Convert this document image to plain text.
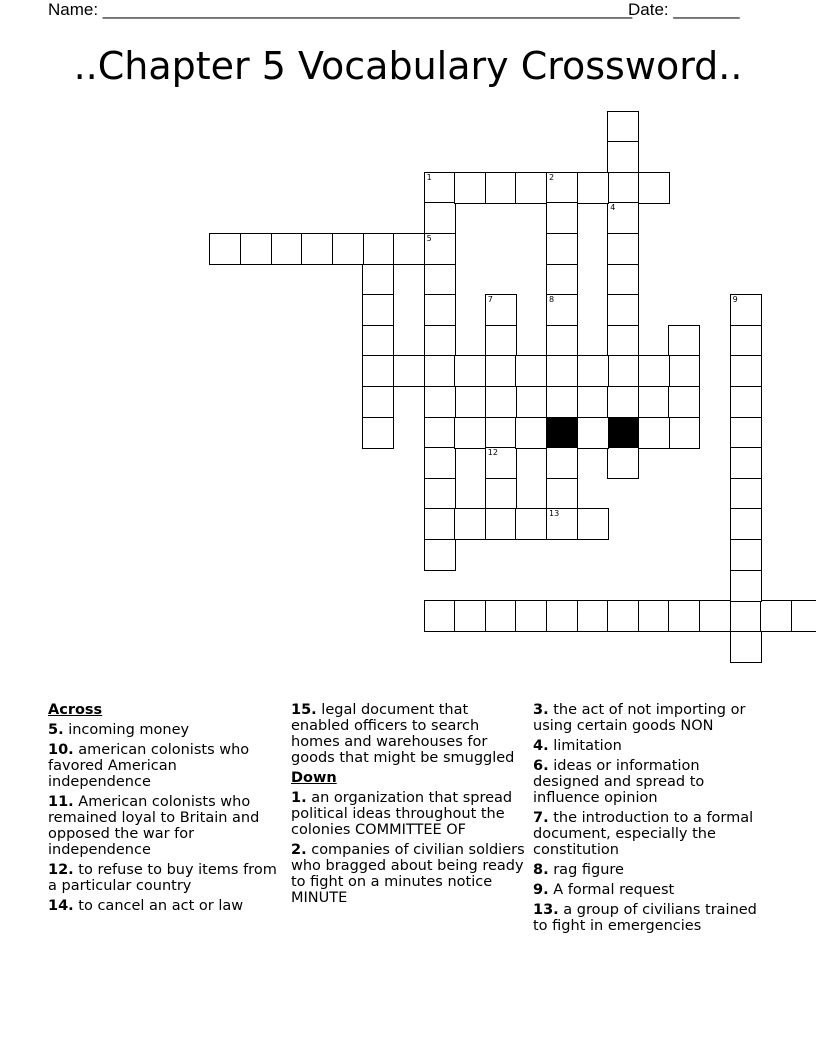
Name: ________________________________________________________
Date: _______
..Chapter 5 Vocabulary Crossword..
1
5
2
8
4
7
12
9
13
Across
5. incoming money
10. american colonists who favored American independence
11. American colonists who remained loyal to Britain and opposed the war for independence
12. to refuse to buy items from a particular country
14. to cancel an act or law
15. legal document that enabled officers to search homes and warehouses for goods that might be smuggled
Down
1. an organization that spread political ideas throughout the colonies COMMITTEE OF
2. companies of civilian soldiers who bragged about being ready to fight on a minutes notice MINUTE
3. the act of not importing or using certain goods NON
4. limitation
6. ideas or information designed and spread to influence opinion
7. the introduction to a formal document, especially the constitution
8. rag figure
9. A formal request
13. a group of civilians trained to fight in emergencies
